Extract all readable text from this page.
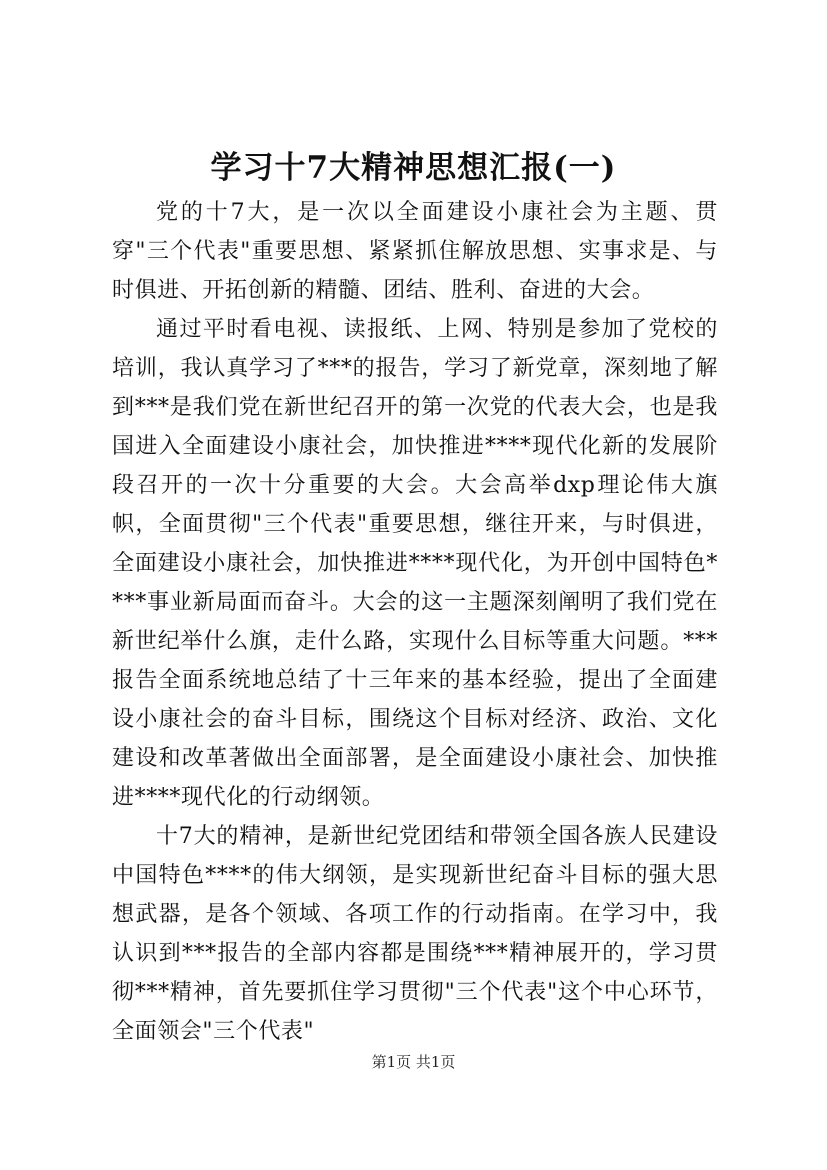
学习十7大精神思想汇报(一)

党的十7大，是一次以全面建设小康社会为主题、贯穿"三个代表"重要思想、紧紧抓住解放思想、实事求是、与时俱进、开拓创新的精髓、团结、胜利、奋进的大会。

通过平时看电视、读报纸、上网、特别是参加了党校的培训，我认真学习了***的报告，学习了新党章，深刻地了解到***是我们党在新世纪召开的第一次党的代表大会，也是我国进入全面建设小康社会，加快推进****现代化新的发展阶段召开的一次十分重要的大会。大会高举dxp理论伟大旗帜，全面贯彻"三个代表"重要思想，继往开来，与时俱进，全面建设小康社会，加快推进****现代化，为开创中国特色****事业新局面而奋斗。大会的这一主题深刻阐明了我们党在新世纪举什么旗，走什么路，实现什么目标等重大问题。***报告全面系统地总结了十三年来的基本经验，提出了全面建设小康社会的奋斗目标，围绕这个目标对经济、政治、文化建设和改革著做出全面部署，是全面建设小康社会、加快推进****现代化的行动纲领。

十7大的精神，是新世纪党团结和带领全国各族人民建设中国特色****的伟大纲领，是实现新世纪奋斗目标的强大思想武器，是各个领域、各项工作的行动指南。在学习中，我认识到***报告的全部内容都是围绕***精神展开的，学习贯彻***精神，首先要抓住学习贯彻"三个代表"这个中心环节，全面领会"三个代表"

第1页 共1页
